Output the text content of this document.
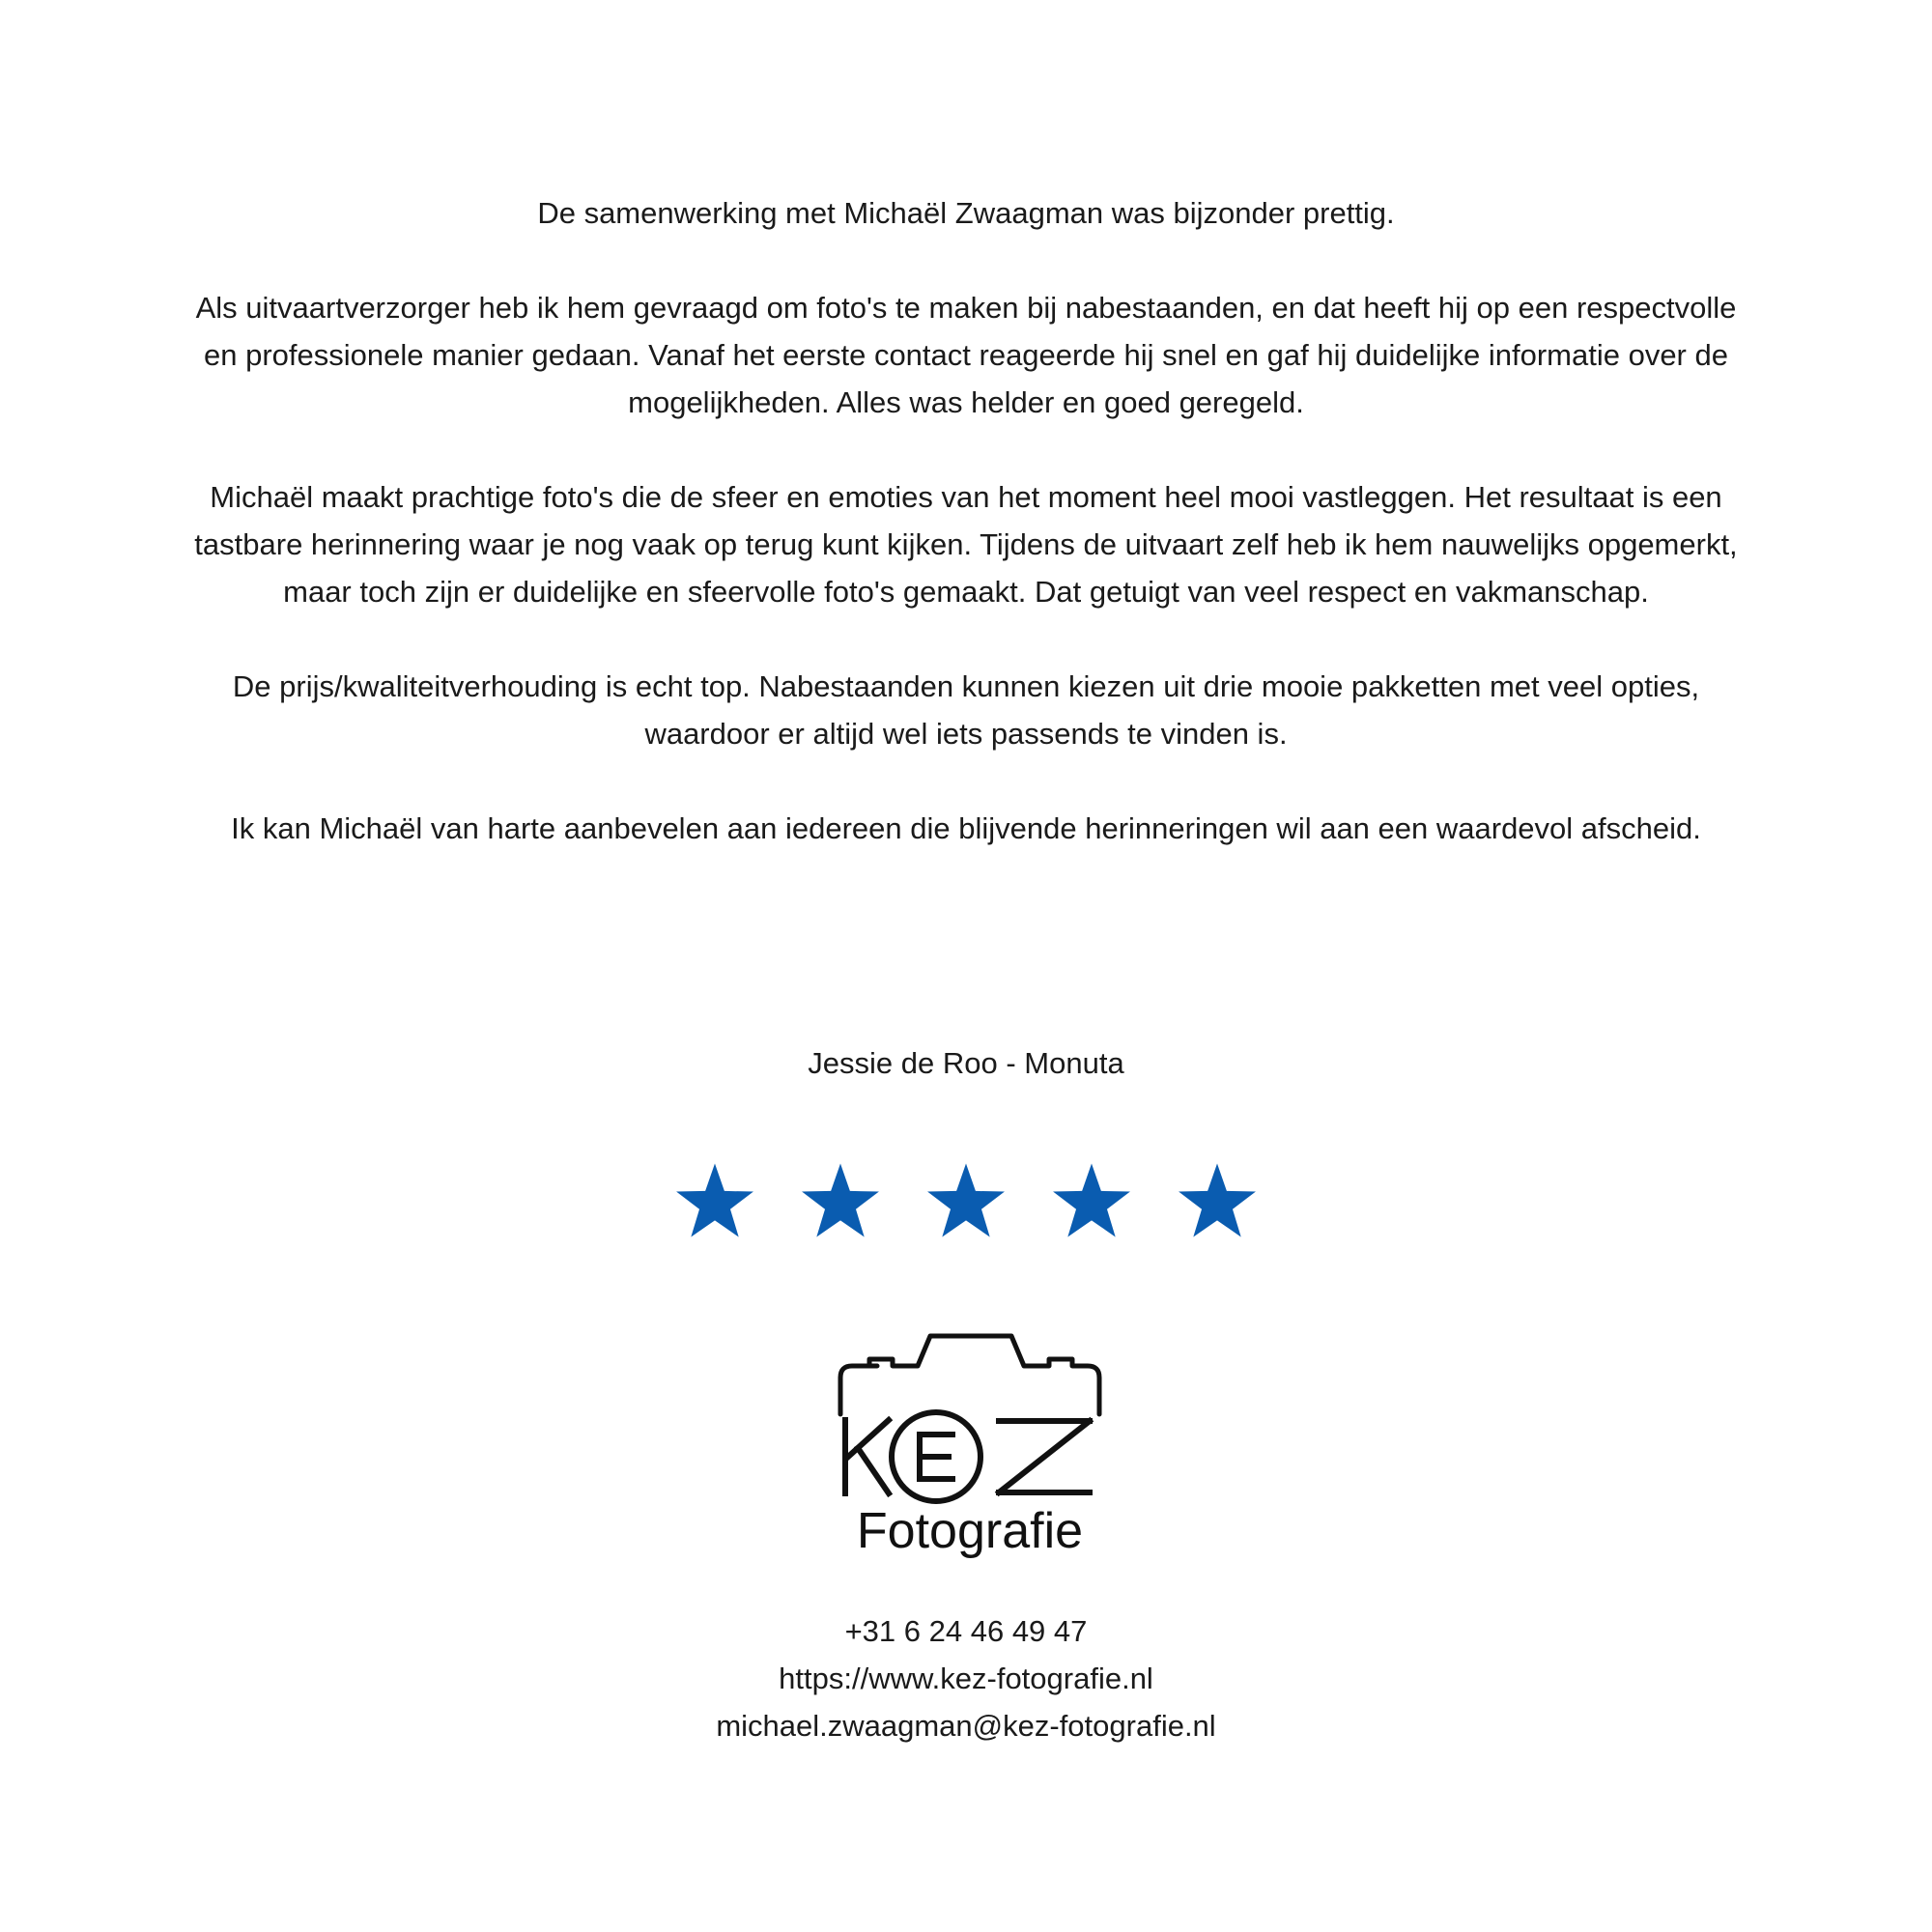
De samenwerking met Michaël Zwaagman was bijzonder prettig.

Als uitvaartverzorger heb ik hem gevraagd om foto's te maken bij nabestaanden, en dat heeft hij op een respectvolle en professionele manier gedaan. Vanaf het eerste contact reageerde hij snel en gaf hij duidelijke informatie over de mogelijkheden. Alles was helder en goed geregeld.

Michaël maakt prachtige foto's die de sfeer en emoties van het moment heel mooi vastleggen. Het resultaat is een tastbare herinnering waar je nog vaak op terug kunt kijken. Tijdens de uitvaart zelf heb ik hem nauwelijks opgemerkt, maar toch zijn er duidelijke en sfeervolle foto's gemaakt. Dat getuigt van veel respect en vakmanschap.

De prijs/kwaliteitverhouding is echt top. Nabestaanden kunnen kiezen uit drie mooie pakketten met veel opties, waardoor er altijd wel iets passends te vinden is.

Ik kan Michaël van harte aanbevelen aan iedereen die blijvende herinneringen wil aan een waardevol afscheid.

Jessie de Roo - Monuta
Fotografie
+31 6 24 46 49 47
https://www.kez-fotografie.nl
michael.zwaagman@kez-fotografie.nl
